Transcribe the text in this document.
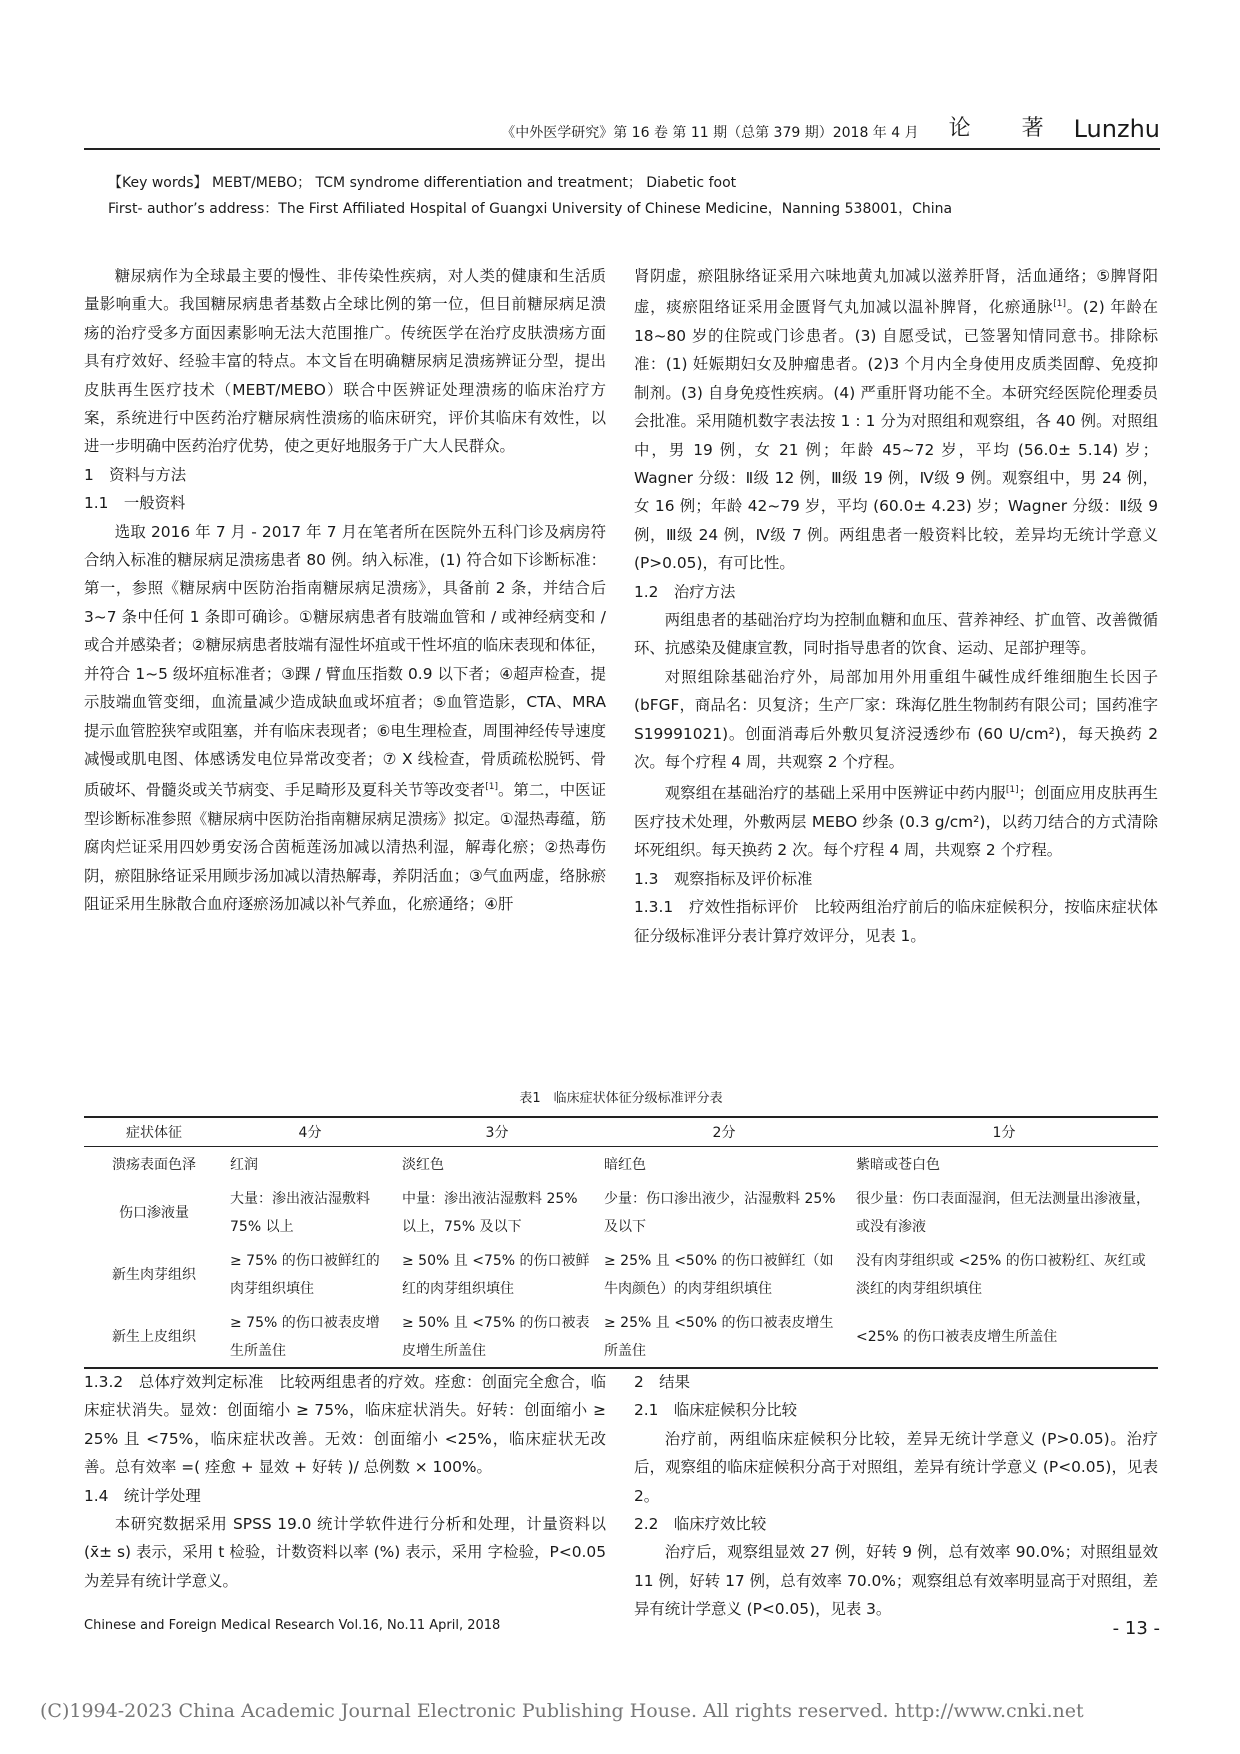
《中外医学研究》第 16 卷 第 11 期（总第 379 期）2018 年 4 月 论 著 Lunzhu
【Key words】 MEBT/MEBO； TCM syndrome differentiation and treatment； Diabetic foot
First- author’s address：The First Affiliated Hospital of Guangxi University of Chinese Medicine，Nanning 538001，China

糖尿病作为全球最主要的慢性、非传染性疾病，对人类的健康和生活质量影响重大。我国糖尿病患者基数占全球比例的第一位，但目前糖尿病足溃疡的治疗受多方面因素影响无法大范围推广。传统医学在治疗皮肤溃疡方面具有疗效好、经验丰富的特点。本文旨在明确糖尿病足溃疡辨证分型，提出皮肤再生医疗技术（MEBT/MEBO）联合中医辨证处理溃疡的临床治疗方案，系统进行中医药治疗糖尿病性溃疡的临床研究，评价其临床有效性，以进一步明确中医药治疗优势，使之更好地服务于广大人民群众。

1　资料与方法

1.1　一般资料

选取 2016 年 7 月 - 2017 年 7 月在笔者所在医院外五科门诊及病房符合纳入标准的糖尿病足溃疡患者 80 例。纳入标准，(1) 符合如下诊断标准：第一，参照《糖尿病中医防治指南糖尿病足溃疡》，具备前 2 条，并结合后 3~7 条中任何 1 条即可确诊。①糖尿病患者有肢端血管和 / 或神经病变和 / 或合并感染者；②糖尿病患者肢端有湿性坏疽或干性坏疽的临床表现和体征，并符合 1~5 级坏疽标准者；③踝 / 臂血压指数 0.9 以下者；④超声检查，提示肢端血管变细，血流量减少造成缺血或坏疽者；⑤血管造影，CTA、MRA 提示血管腔狭窄或阻塞，并有临床表现者；⑥电生理检查，周围神经传导速度减慢或肌电图、体感诱发电位异常改变者；⑦ X 线检查，骨质疏松脱钙、骨质破坏、骨髓炎或关节病变、手足畸形及夏科关节等改变者[1]。第二，中医证型诊断标准参照《糖尿病中医防治指南糖尿病足溃疡》拟定。①湿热毒蕴，筋腐肉烂证采用四妙勇安汤合茵栀莲汤加减以清热利湿，解毒化瘀；②热毒伤阴，瘀阻脉络证采用顾步汤加减以清热解毒，养阴活血；③气血两虚，络脉瘀阻证采用生脉散合血府逐瘀汤加减以补气养血，化瘀通络；④肝

肾阴虚，瘀阻脉络证采用六味地黄丸加减以滋养肝肾，活血通络；⑤脾肾阳虚，痰瘀阻络证采用金匮肾气丸加减以温补脾肾，化瘀通脉[1]。(2) 年龄在 18~80 岁的住院或门诊患者。(3) 自愿受试，已签署知情同意书。排除标准：(1) 妊娠期妇女及肿瘤患者。(2)3 个月内全身使用皮质类固醇、免疫抑制剂。(3) 自身免疫性疾病。(4) 严重肝肾功能不全。本研究经医院伦理委员会批准。采用随机数字表法按 1 : 1 分为对照组和观察组，各 40 例。对照组中，男 19 例，女 21 例；年龄 45~72 岁，平均 (56.0± 5.14) 岁；Wagner 分级：Ⅱ级 12 例，Ⅲ级 19 例，Ⅳ级 9 例。观察组中，男 24 例，女 16 例；年龄 42~79 岁，平均 (60.0± 4.23) 岁；Wagner 分级：Ⅱ级 9 例，Ⅲ级 24 例，Ⅳ级 7 例。两组患者一般资料比较，差异均无统计学意义 (P>0.05)，有可比性。

1.2　治疗方法

两组患者的基础治疗均为控制血糖和血压、营养神经、扩血管、改善微循环、抗感染及健康宣教，同时指导患者的饮食、运动、足部护理等。

对照组除基础治疗外，局部加用外用重组牛碱性成纤维细胞生长因子 (bFGF，商品名：贝复济；生产厂家：珠海亿胜生物制药有限公司；国药准字 S19991021)。创面消毒后外敷贝复济浸透纱布 (60 U/cm²)，每天换药 2 次。每个疗程 4 周，共观察 2 个疗程。

观察组在基础治疗的基础上采用中医辨证中药内服[1]；创面应用皮肤再生医疗技术处理，外敷两层 MEBO 纱条 (0.3 g/cm²)，以药刀结合的方式清除坏死组织。每天换药 2 次。每个疗程 4 周，共观察 2 个疗程。

1.3　观察指标及评价标准

1.3.1　疗效性指标评价　比较两组治疗前后的临床症候积分，按临床症状体征分级标准评分表计算疗效评分，见表 1。

表1　临床症状体征分级标准评分表
症状体征	4分	3分	2分	1分
溃疡表面色泽	红润	淡红色	暗红色	紫暗或苍白色
伤口渗液量	大量：渗出液沾湿敷料 75% 以上	中量：渗出液沾湿敷料 25% 以上，75% 及以下	少量：伤口渗出液少，沾湿敷料 25% 及以下	很少量：伤口表面湿润，但无法测量出渗液量，或没有渗液
新生肉芽组织	≥ 75% 的伤口被鲜红的肉芽组织填住	≥ 50% 且 <75% 的伤口被鲜红的肉芽组织填住	≥ 25% 且 <50% 的伤口被鲜红（如牛肉颜色）的肉芽组织填住	没有肉芽组织或 <25% 的伤口被粉红、灰红或淡红的肉芽组织填住
新生上皮组织	≥ 75% 的伤口被表皮增生所盖住	≥ 50% 且 <75% 的伤口被表皮增生所盖住	≥ 25% 且 <50% 的伤口被表皮增生所盖住	<25% 的伤口被表皮增生所盖住

1.3.2　总体疗效判定标准　比较两组患者的疗效。痊愈：创面完全愈合，临床症状消失。显效：创面缩小 ≥ 75%，临床症状消失。好转：创面缩小 ≥ 25% 且 <75%，临床症状改善。无效：创面缩小 <25%，临床症状无改善。总有效率 =( 痊愈 + 显效 + 好转 )/ 总例数 × 100%。

1.4　统计学处理

本研究数据采用 SPSS 19.0 统计学软件进行分析和处理，计量资料以 (x̄± s) 表示，采用 t 检验，计数资料以率 (%) 表示，采用 字检验，P<0.05 为差异有统计学意义。

2　结果

2.1　临床症候积分比较

治疗前，两组临床症候积分比较，差异无统计学意义 (P>0.05)。治疗后，观察组的临床症候积分高于对照组，差异有统计学意义 (P<0.05)，见表 2。

2.2　临床疗效比较

治疗后，观察组显效 27 例，好转 9 例，总有效率 90.0%；对照组显效 11 例，好转 17 例，总有效率 70.0%；观察组总有效率明显高于对照组，差异有统计学意义 (P<0.05)，见表 3。

Chinese and Foreign Medical Research Vol.16, No.11 April, 2018	- 13 -
(C)1994-2023 China Academic Journal Electronic Publishing House. All rights reserved. http://www.cnki.net
